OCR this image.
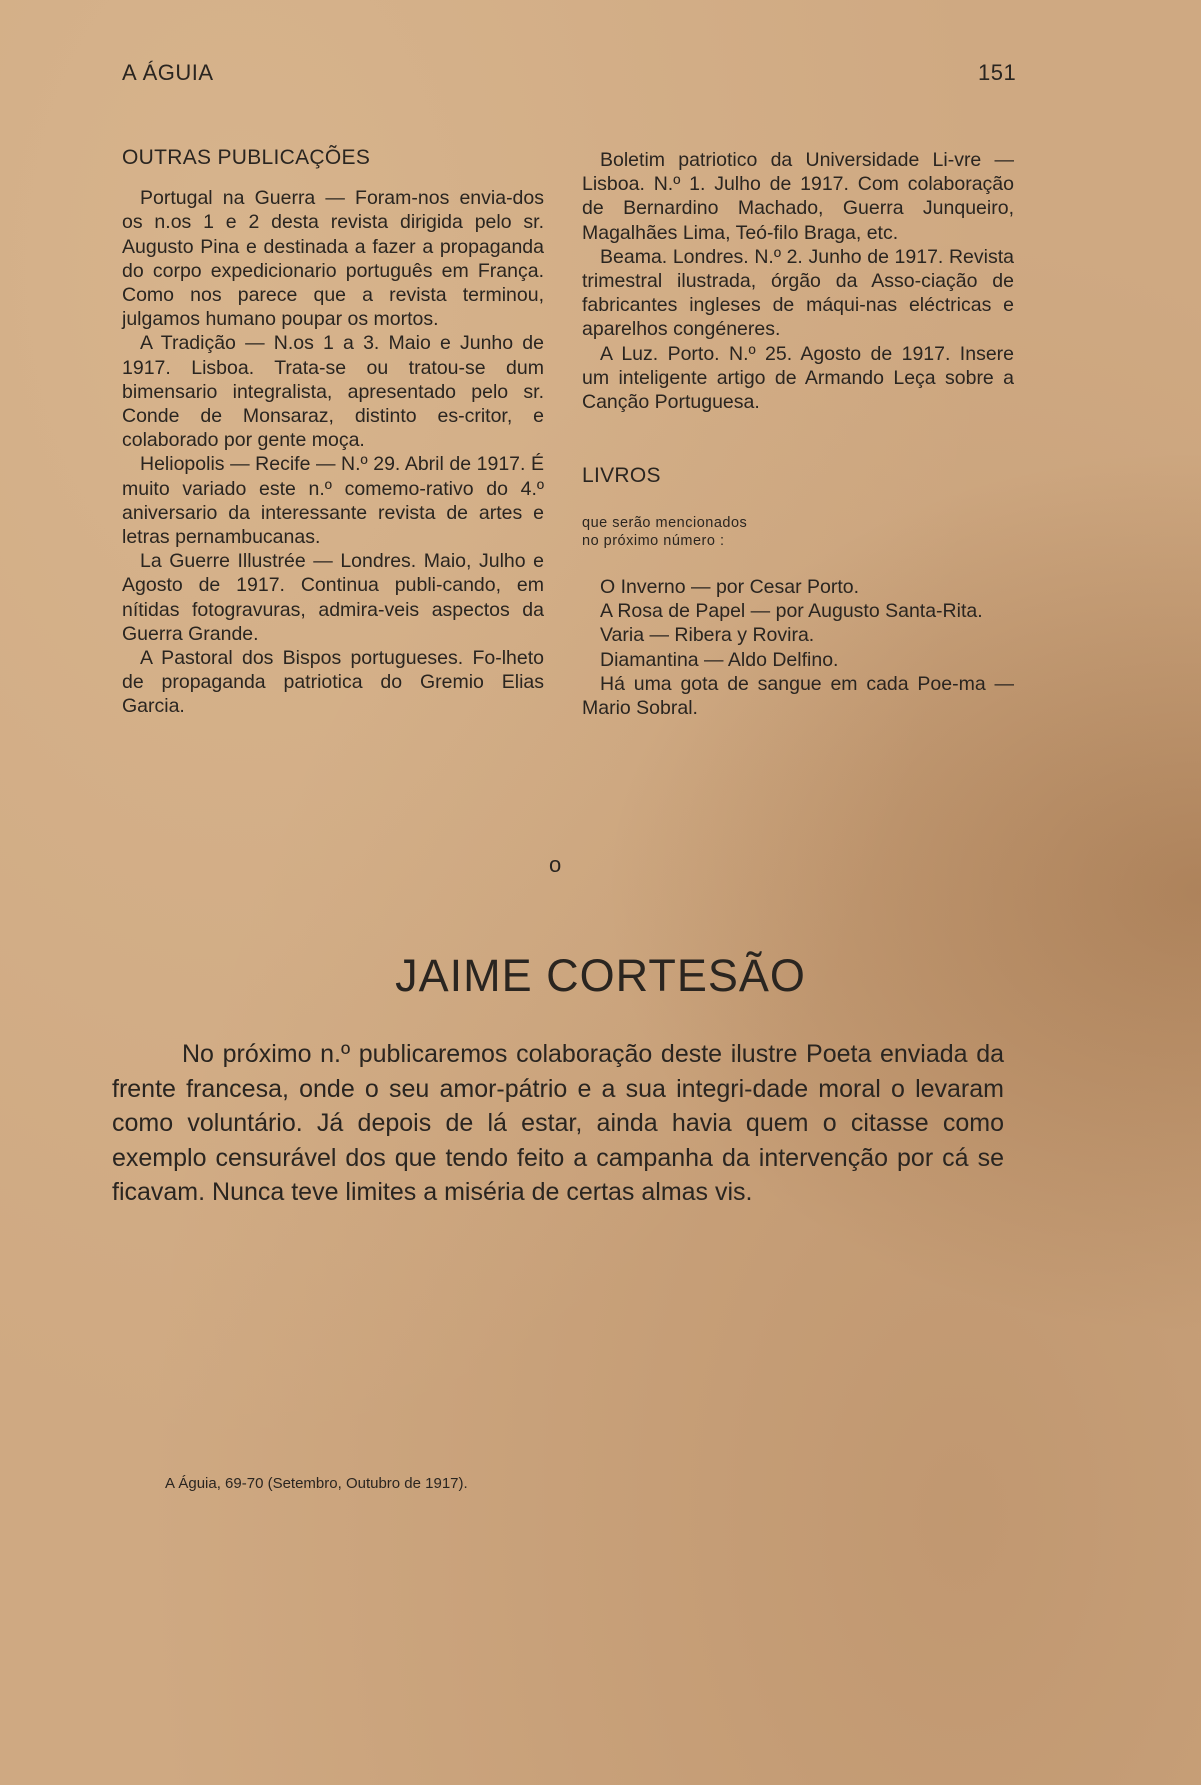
A ÁGUIA	151
OUTRAS PUBLICAÇÕES

Portugal na Guerra — Foram-nos envia-dos os n.os 1 e 2 desta revista dirigida pelo sr. Augusto Pina e destinada a fazer a propaganda do corpo expedicionario português em França. Como nos parece que a revista terminou, julgamos humano poupar os mortos.

A Tradição — N.os 1 a 3. Maio e Junho de 1917. Lisboa. Trata-se ou tratou-se dum bimensario integralista, apresentado pelo sr. Conde de Monsaraz, distinto es-critor, e colaborado por gente moça.

Heliopolis — Recife — N.º 29. Abril de 1917. É muito variado este n.º comemo-rativo do 4.º aniversario da interessante revista de artes e letras pernambucanas.

La Guerre Illustrée — Londres. Maio, Julho e Agosto de 1917. Continua publi-cando, em nítidas fotogravuras, admira-veis aspectos da Guerra Grande.

A Pastoral dos Bispos portugueses. Fo-lheto de propaganda patriotica do Gremio Elias Garcia.

Boletim patriotico da Universidade Li-vre — Lisboa. N.º 1. Julho de 1917. Com colaboração de Bernardino Machado, Guerra Junqueiro, Magalhães Lima, Teó-filo Braga, etc.

Beama. Londres. N.º 2. Junho de 1917. Revista trimestral ilustrada, órgão da Asso-ciação de fabricantes ingleses de máqui-nas eléctricas e aparelhos congéneres.

A Luz. Porto. N.º 25. Agosto de 1917. Insere um inteligente artigo de Armando Leça sobre a Canção Portuguesa.

LIVROS
que serão mencionados
no próximo número :

O Inverno — por Cesar Porto.

A Rosa de Papel — por Augusto Santa-Rita.

Varia — Ribera y Rovira.

Diamantina — Aldo Delfino.

Há uma gota de sangue em cada Poe-ma — Mario Sobral.

o
JAIME CORTESÃO

No próximo n.º publicaremos colaboração deste ilustre Poeta enviada da frente francesa, onde o seu amor-pátrio e a sua integri-dade moral o levaram como voluntário. Já depois de lá estar, ainda havia quem o citasse como exemplo censurável dos que tendo feito a campanha da intervenção por cá se ficavam. Nunca teve limites a miséria de certas almas vis.

A Águia, 69-70 (Setembro, Outubro de 1917).
